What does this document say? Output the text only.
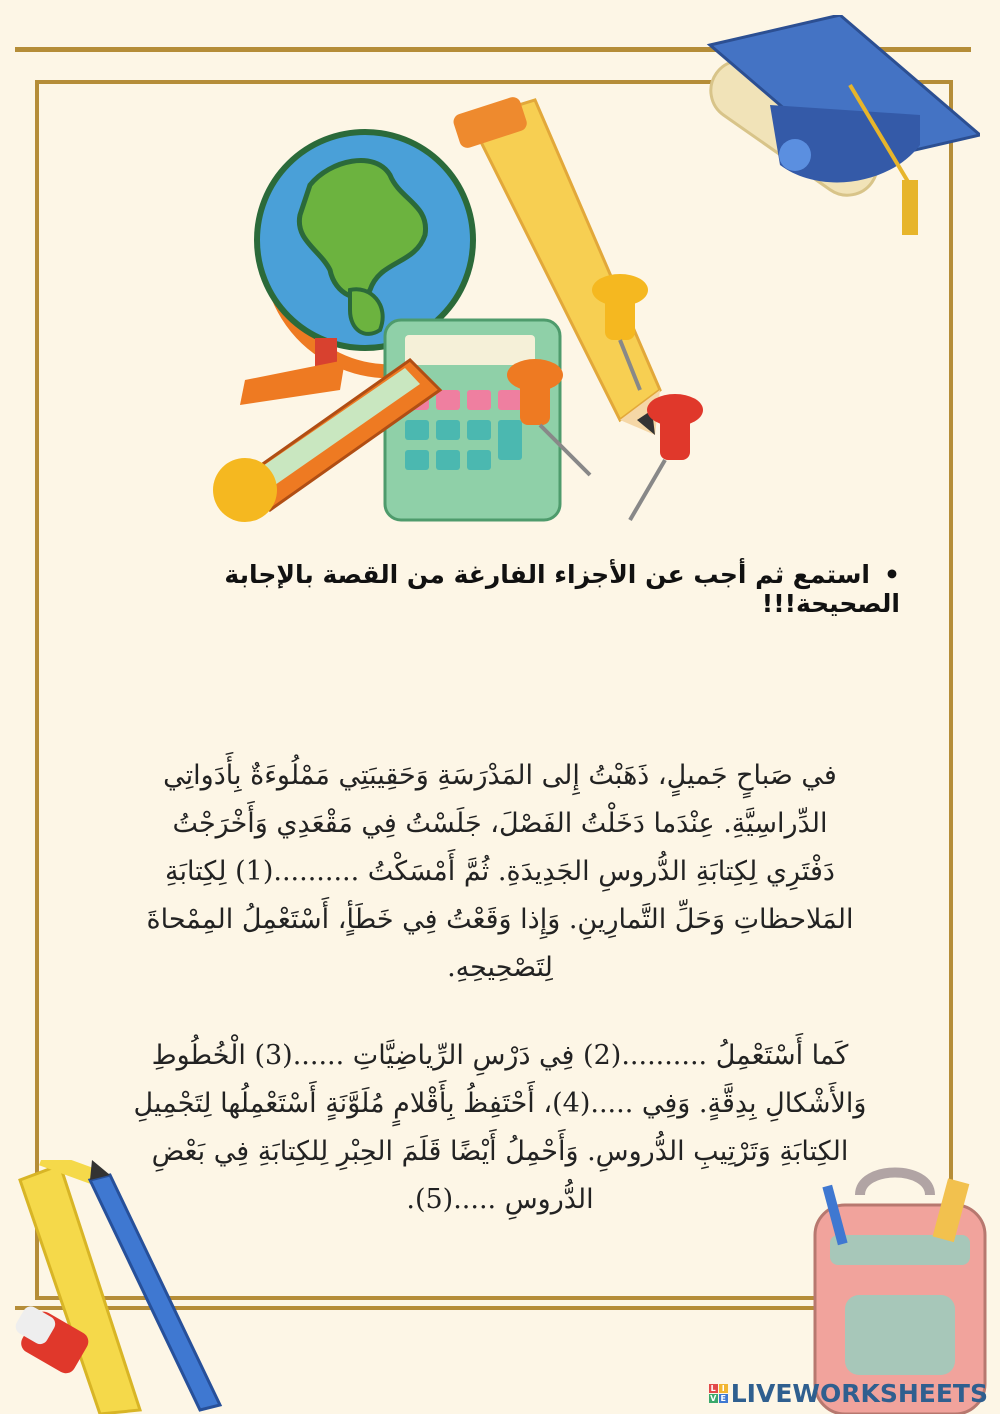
•استمع ثم أجب عن الأجزاء الفارغة من القصة بالإجابة الصحيحة!!!
في صَباحٍ جَميلٍ، ذَهَبْتُ إِلى المَدْرَسَةِ وَحَقِيبَتِي مَمْلُوءَةٌ بِأَدَواتِي
الدِّراسِيَّةِ. عِنْدَما دَخَلْتُ الفَصْلَ، جَلَسْتُ فِي مَقْعَدِي وَأَخْرَجْتُ
دَفْتَرِي لِكِتابَةِ الدُّروسِ الجَدِيدَةِ. ثُمَّ أَمْسَكْتُ ..........(1) لِكِتابَةِ
المَلاحظاتِ وَحَلِّ التَّمارِينِ. وَإِذا وَقَعْتُ فِي خَطَأٍ، أَسْتَعْمِلُ المِمْحاةَ
لِتَصْحِيحِهِ.
كَما أَسْتَعْمِلُ ..........(2) فِي دَرْسِ الرِّياضِيَّاتِ ......(3) الْخُطُوطِ
وَالأَشْكالِ بِدِقَّةٍ. وَفِي .....(4)، أَحْتَفِظُ بِأَقْلامٍ مُلَوَّنَةٍ أَسْتَعْمِلُها لِتَجْمِيلِ
الكِتابَةِ وَتَرْتِيبِ الدُّروسِ. وَأَحْمِلُ أَيْضًا قَلَمَ الحِبْرِ لِلكِتابَةِ فِي بَعْضِ
الدُّروسِ .....(5).
L I
V E LIVEWORKSHEETS
